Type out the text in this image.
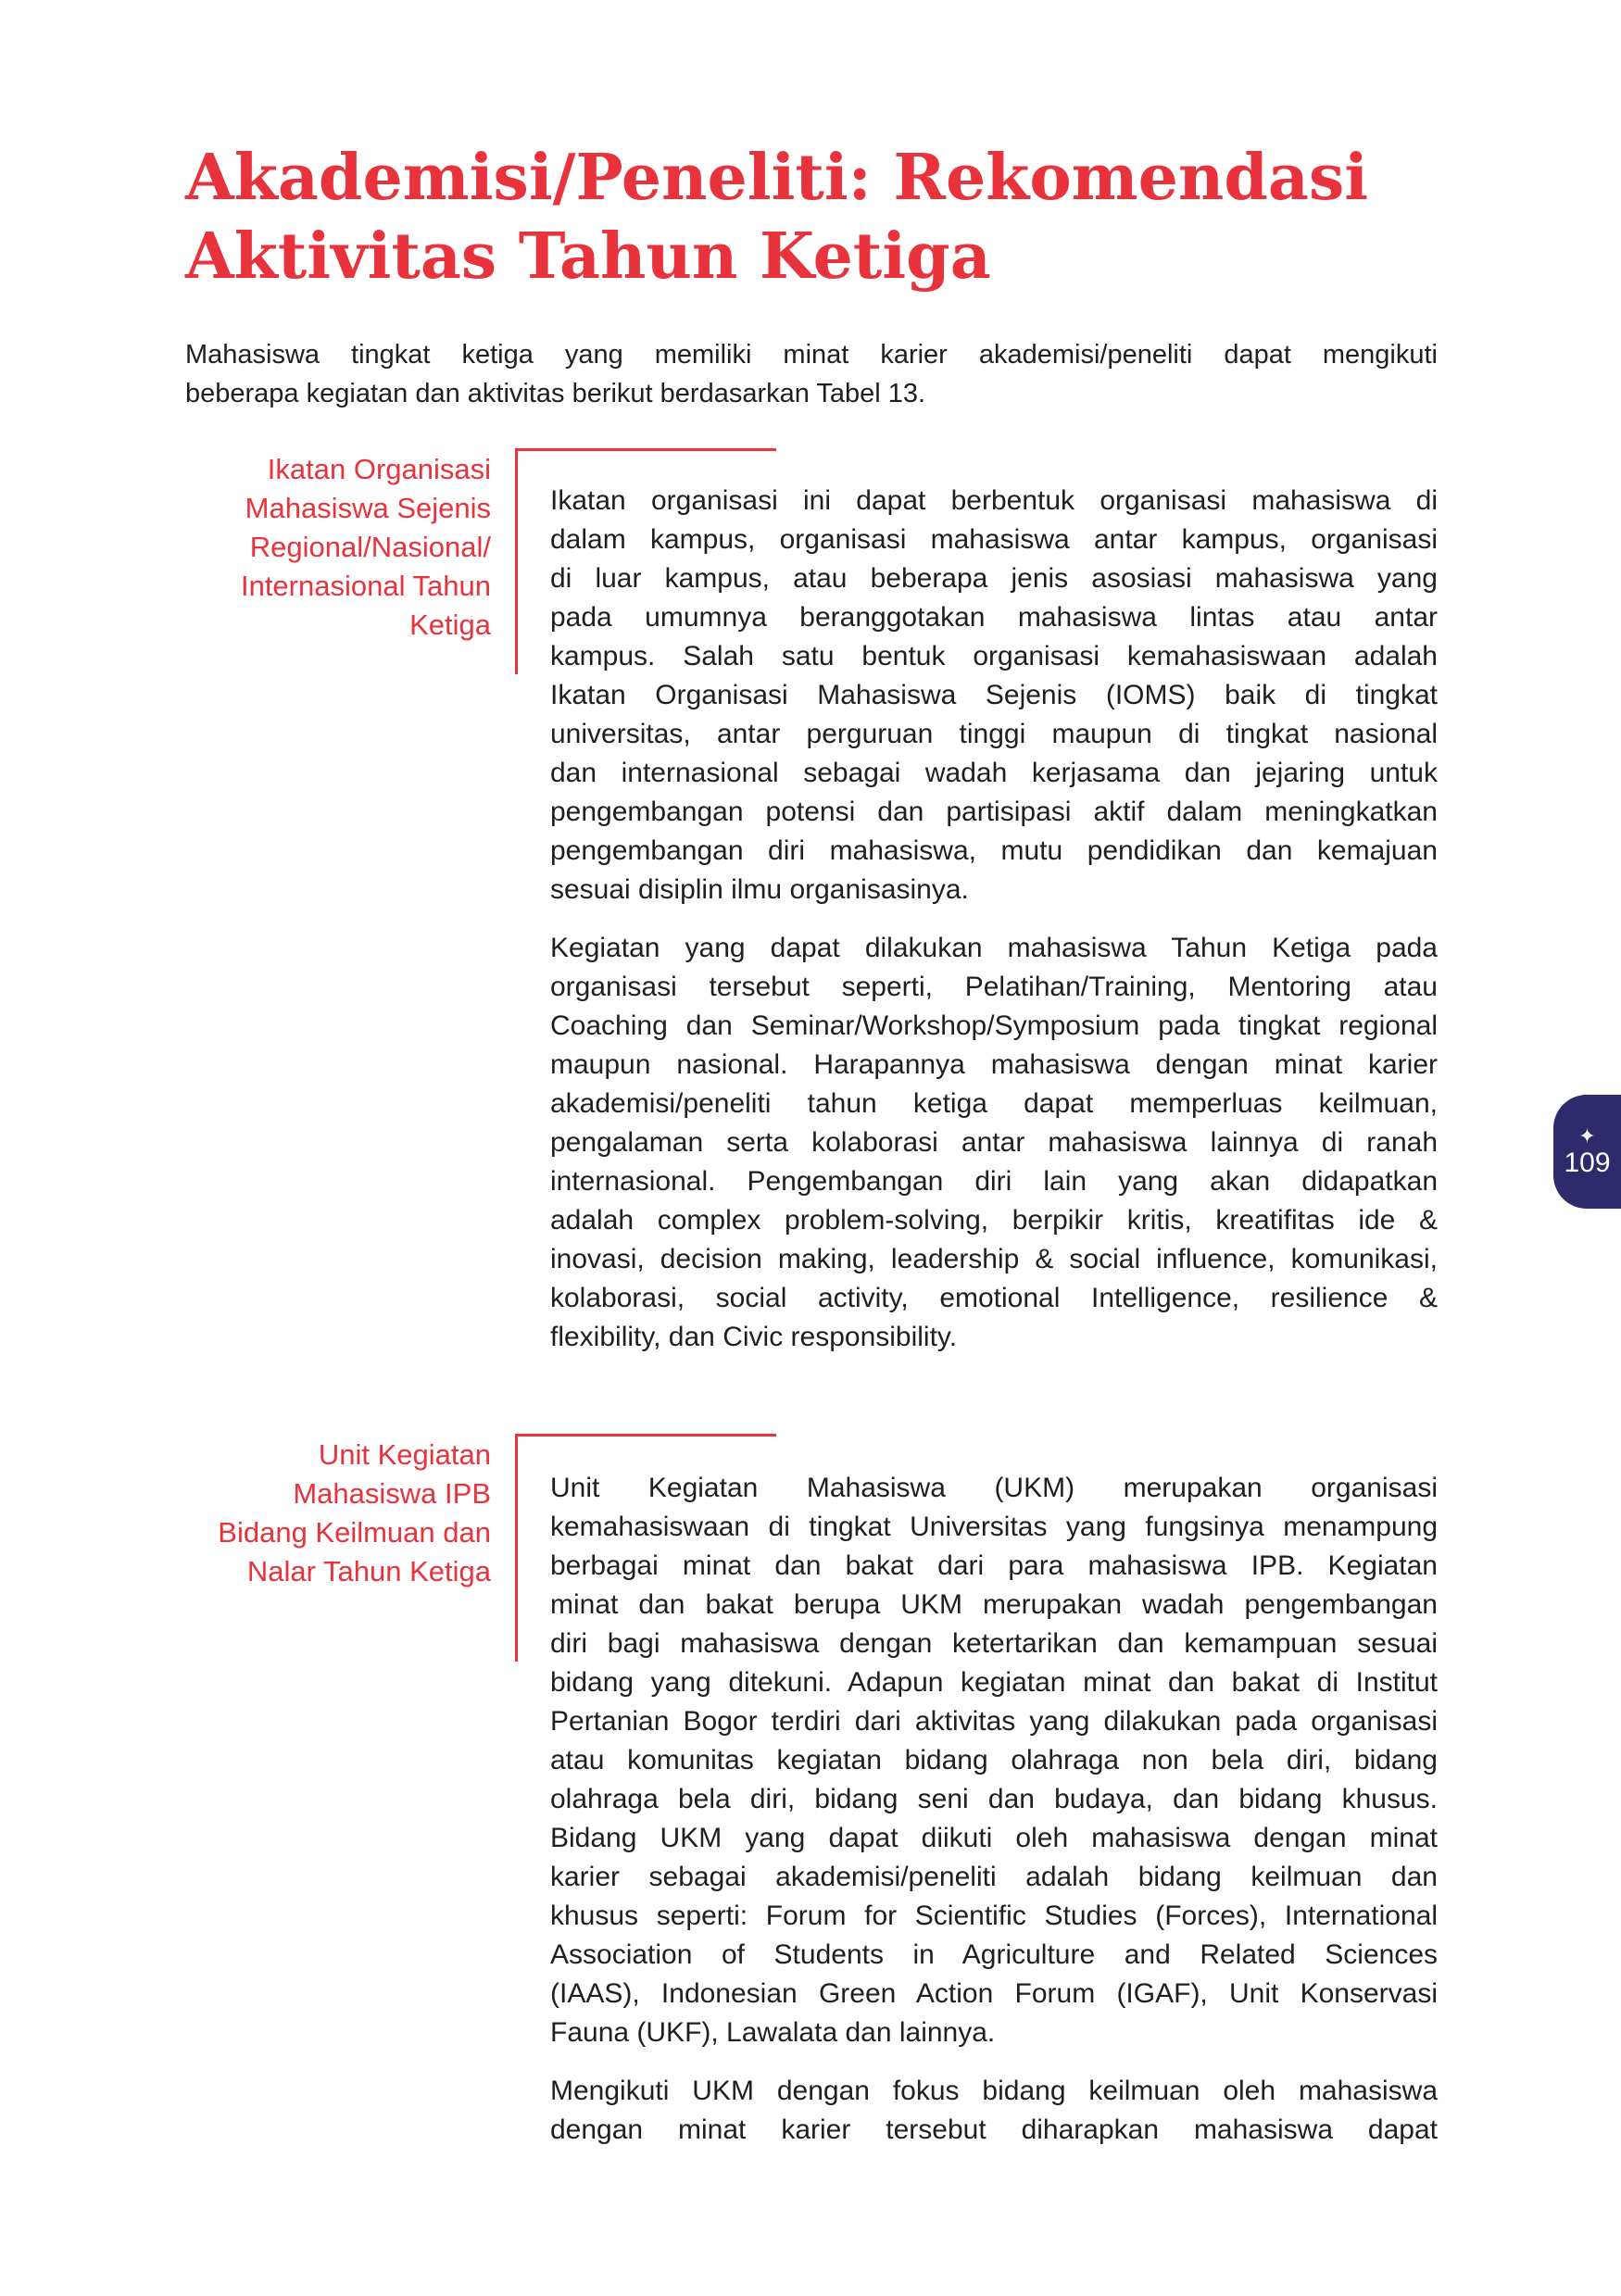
Akademisi/Peneliti: Rekomendasi
Aktivitas Tahun Ketiga

Mahasiswa tingkat ketiga yang memiliki minat karier akademisi/peneliti dapat mengikuti
beberapa kegiatan dan aktivitas berikut berdasarkan Tabel 13.

Ikatan Organisasi
Mahasiswa Sejenis
Regional/Nasional/
Internasional Tahun
Ketiga

Ikatan organisasi ini dapat berbentuk organisasi mahasiswa di
dalam kampus, organisasi mahasiswa antar kampus, organisasi
di luar kampus, atau beberapa jenis asosiasi mahasiswa yang
pada umumnya beranggotakan mahasiswa lintas atau antar
kampus. Salah satu bentuk organisasi kemahasiswaan adalah
Ikatan Organisasi Mahasiswa Sejenis (IOMS) baik di tingkat
universitas, antar perguruan tinggi maupun di tingkat nasional
dan internasional sebagai wadah kerjasama dan jejaring untuk
pengembangan potensi dan partisipasi aktif dalam meningkatkan
pengembangan diri mahasiswa, mutu pendidikan dan kemajuan
sesuai disiplin ilmu organisasinya.

Kegiatan yang dapat dilakukan mahasiswa Tahun Ketiga pada
organisasi tersebut seperti, Pelatihan/Training, Mentoring atau
Coaching dan Seminar/Workshop/Symposium pada tingkat regional
maupun nasional. Harapannya mahasiswa dengan minat karier
akademisi/peneliti tahun ketiga dapat memperluas keilmuan,
pengalaman serta kolaborasi antar mahasiswa lainnya di ranah
internasional. Pengembangan diri lain yang akan didapatkan
adalah complex problem-solving, berpikir kritis, kreatifitas ide &
inovasi, decision making, leadership & social influence, komunikasi,
kolaborasi, social activity, emotional Intelligence, resilience &
flexibility, dan Civic responsibility.

Unit Kegiatan
Mahasiswa IPB
Bidang Keilmuan dan
Nalar Tahun Ketiga

Unit Kegiatan Mahasiswa (UKM) merupakan organisasi
kemahasiswaan di tingkat Universitas yang fungsinya menampung
berbagai minat dan bakat dari para mahasiswa IPB. Kegiatan
minat dan bakat berupa UKM merupakan wadah pengembangan
diri bagi mahasiswa dengan ketertarikan dan kemampuan sesuai
bidang yang ditekuni. Adapun kegiatan minat dan bakat di Institut
Pertanian Bogor terdiri dari aktivitas yang dilakukan pada organisasi
atau komunitas kegiatan bidang olahraga non bela diri, bidang
olahraga bela diri, bidang seni dan budaya, dan bidang khusus.
Bidang UKM yang dapat diikuti oleh mahasiswa dengan minat
karier sebagai akademisi/peneliti adalah bidang keilmuan dan
khusus seperti: Forum for Scientific Studies (Forces), International
Association of Students in Agriculture and Related Sciences
(IAAS), Indonesian Green Action Forum (IGAF), Unit Konservasi
Fauna (UKF), Lawalata dan lainnya.

Mengikuti UKM dengan fokus bidang keilmuan oleh mahasiswa
dengan minat karier tersebut diharapkan mahasiswa dapat

✦
109
